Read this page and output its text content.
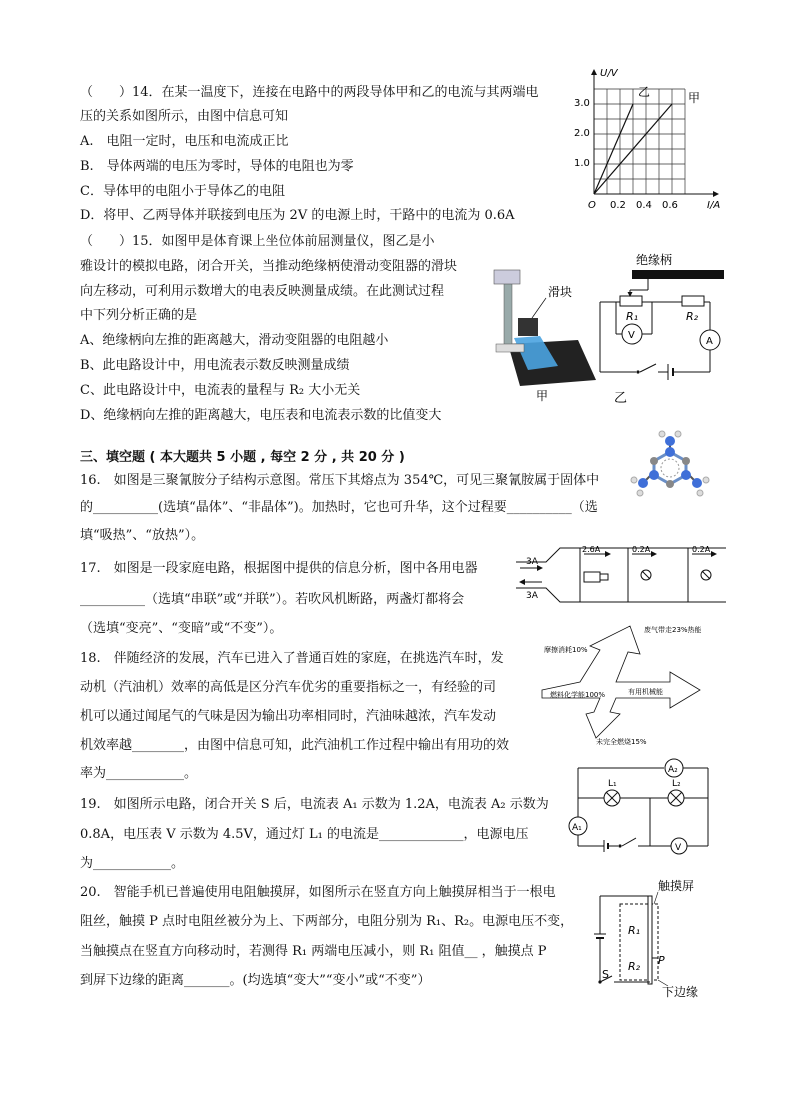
（　　）14．在某一温度下，连接在电路中的两段导体甲和乙的电流与其两端电
压的关系如图所示，由图中信息可知
A.　电阻一定时，电压和电流成正比
B.　导体两端的电压为零时，导体的电阻也为零
C．导体甲的电阻小于导体乙的电阻
D．将甲、乙两导体并联接到电压为 2V 的电源上时，干路中的电流为 0.6A
U/V
I/A
O
3.0
2.0
1.0
0.2 0.4 0.6
乙	甲
（　　）15．如图甲是体育课上坐位体前屈测量仪，图乙是小
雅设计的模拟电路，闭合开关，当推动绝缘柄使滑动变阻器的滑块
向左移动，可利用示数增大的电表反映测量成绩。在此测试过程
中下列分析正确的是
A、绝缘柄向左推的距离越大，滑动变阻器的电阻越小
B、此电路设计中，用电流表示数反映测量成绩
C、此电路设计中，电流表的量程与 R₂ 大小无关
D、绝缘柄向左推的距离越大，电压表和电流表示数的比值变大
滑块
甲
绝缘柄
A
R₁	R₂
V
乙
三、填空题 ( 本大题共 5 小题 , 每空 2 分 , 共 20 分 )
16.　如图是三聚氰胺分子结构示意图。常压下其熔点为 354℃，可见三聚氰胺属于固体中
的__________(选填“晶体”、“非晶体”)。加热时，它也可升华，这个过程要__________（选
填“吸热”、“放热”）。
17.　如图是一段家庭电路，根据图中提供的信息分析，图中各用电器
__________（选填“串联”或“并联”）。若吹风机断路，两盏灯都将会
（选填“变亮”、“变暗”或“不变”）。
3A
3A
2.6A	0.2A	0.2A
18.　伴随经济的发展，汽车已进入了普通百姓的家庭，在挑选汽车时，发
动机（汽油机）效率的高低是区分汽车优劣的重要指标之一，有经验的司
机可以通过闻尾气的气味是因为输出功率相同时，汽油味越浓，汽车发动
机效率越________，由图中信息可知，此汽油机工作过程中输出有用功的效
率为____________。
燃料化学能100%	有用机械能
摩擦消耗10%
废气带走23%热能
未完全燃烧15%
19.　如图所示电路，闭合开关 S 后，电流表 A₁ 示数为 1.2A，电流表 A₂ 示数为
0.8A，电压表 V 示数为 4.5V，通过灯 L₁ 的电流是_____________，电源电压
为____________。
A₂
A₁
L₁	L₂
V
20.　智能手机已普遍使用电阻触摸屏，如图所示在竖直方向上触摸屏相当于一根电
阻丝，触摸 P 点时电阻丝被分为上、下两部分，电阻分别为 R₁、R₂。电源电压不变，
当触摸点在竖直方向移动时，若测得 R₁ 两端电压减小，则 R₁ 阻值__ ，触摸点 P
到屏下边缘的距离_______。(均选填“变大”“变小”或“不变”）
触摸屏
S
R₁
R₂ P
下边缘
